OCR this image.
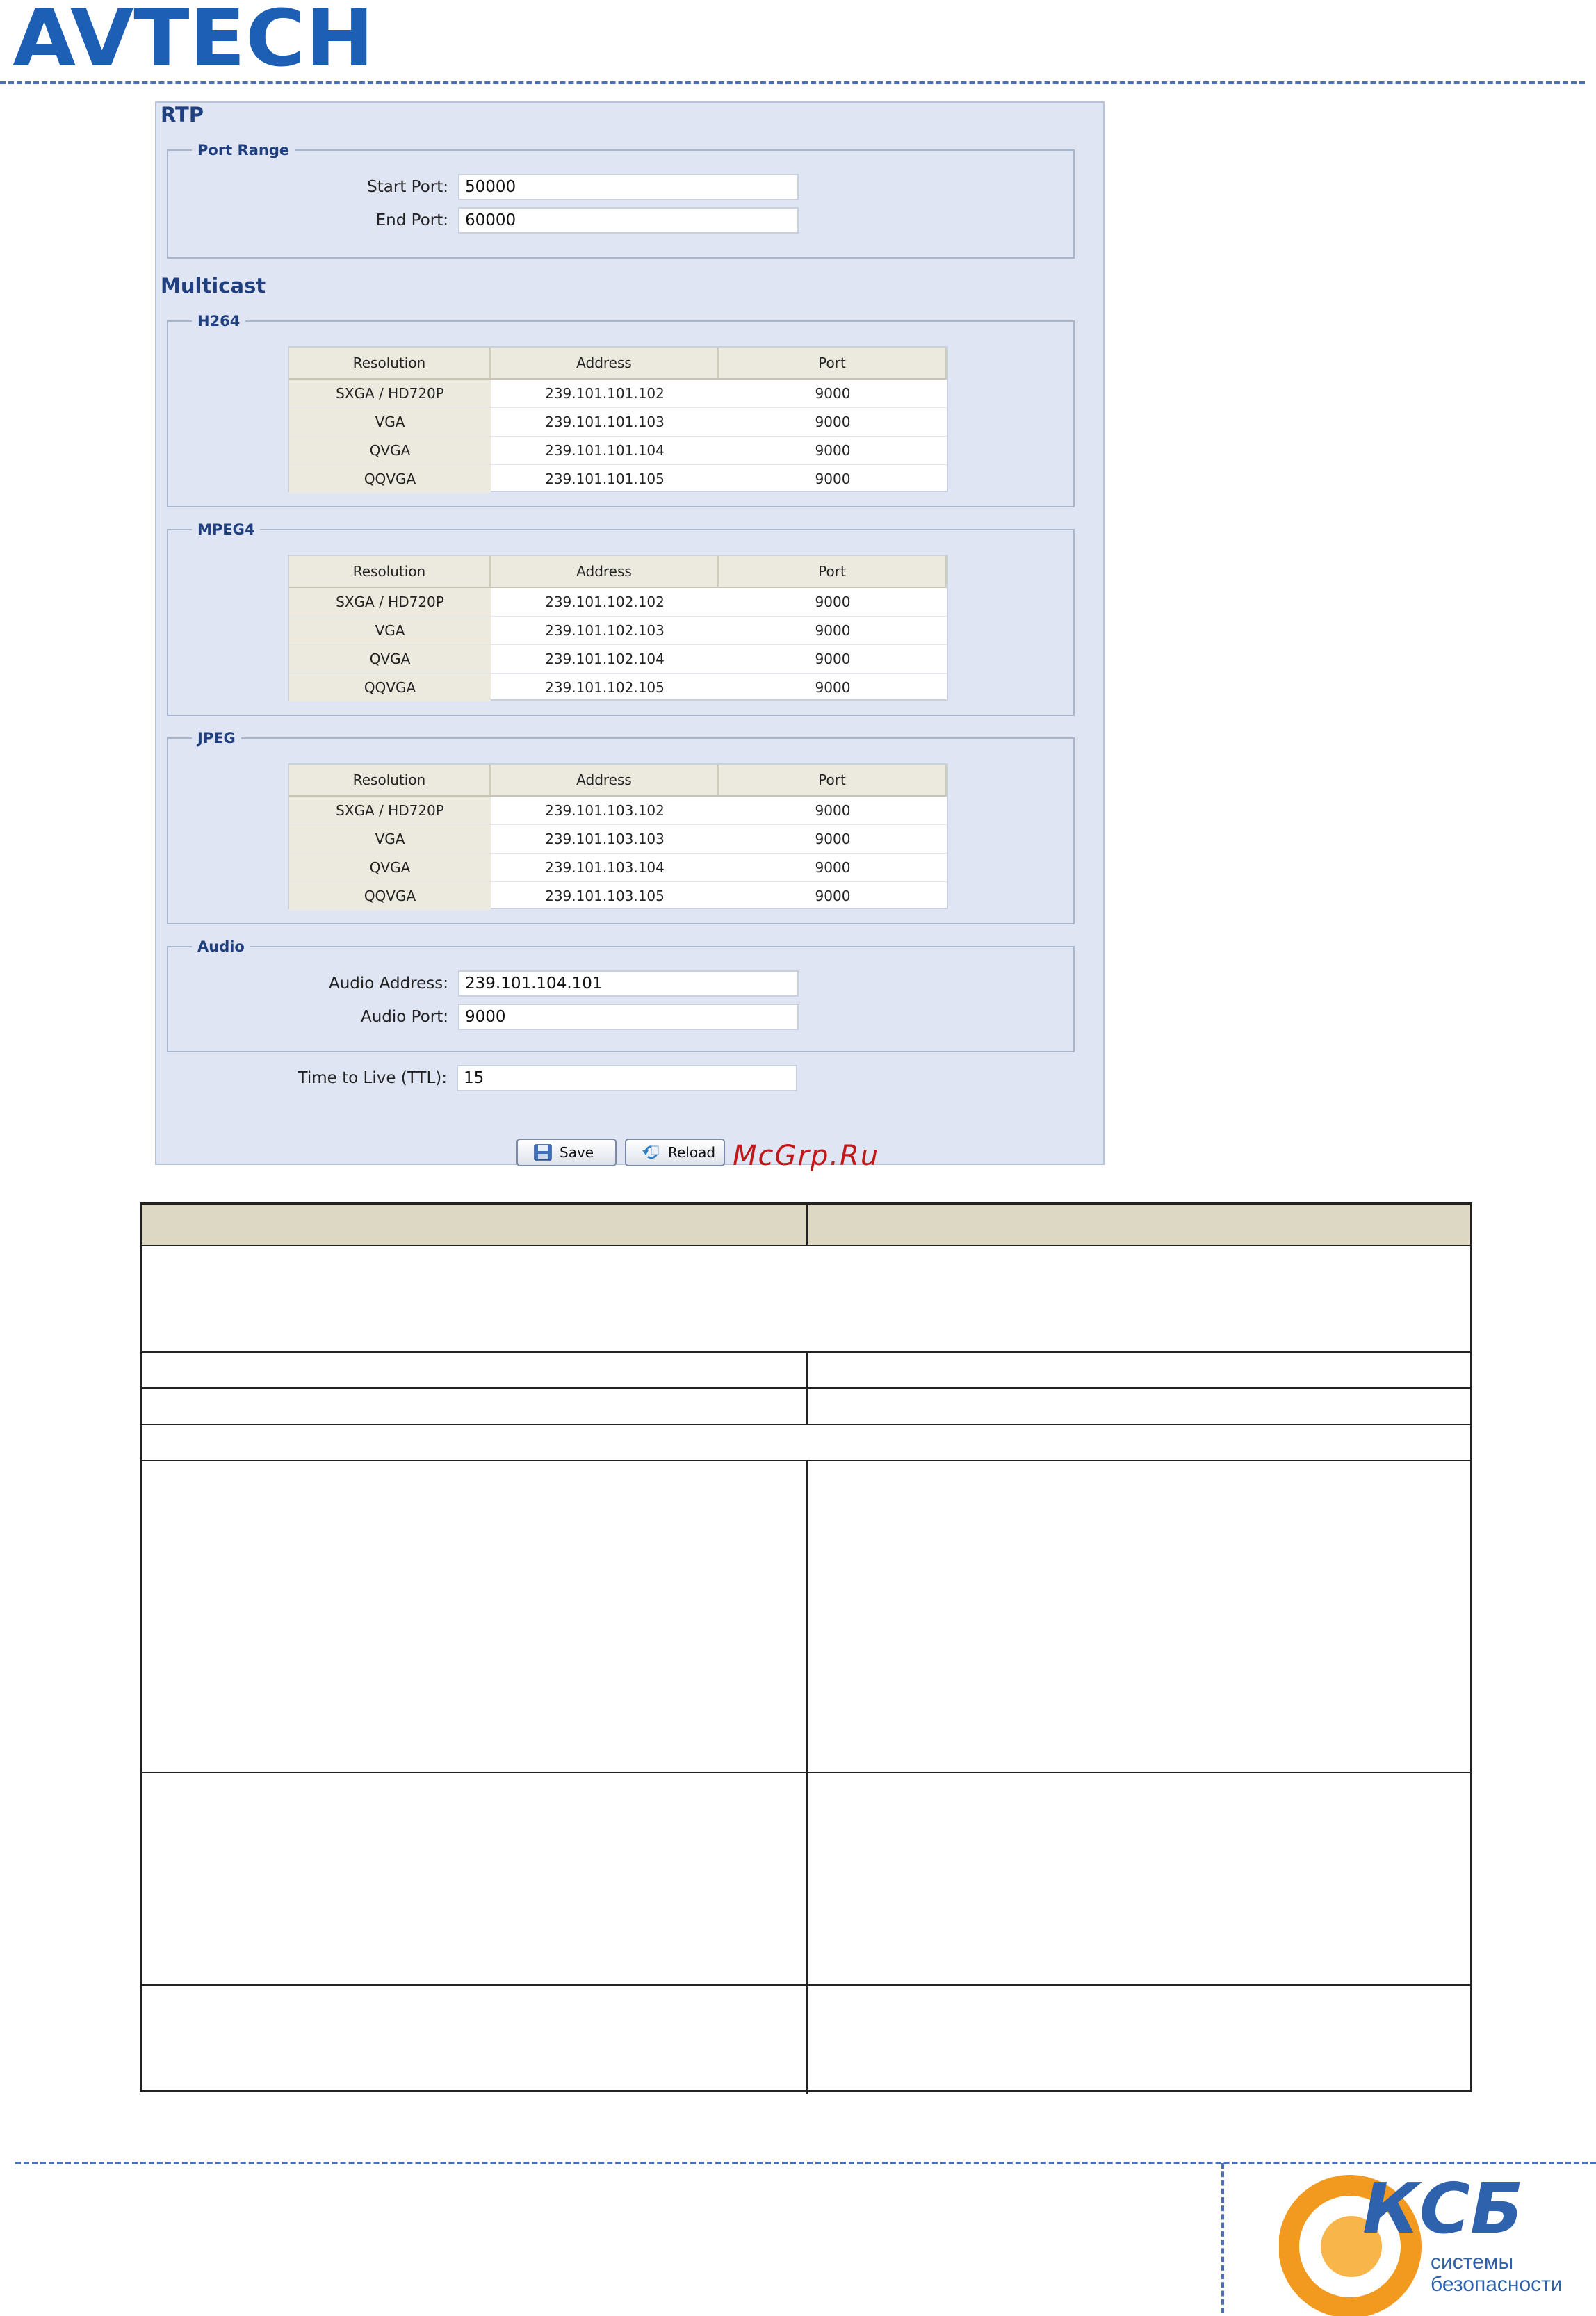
AVTECH
RTP
Port Range
Start Port:	50000
End Port:	60000
Multicast
H264
Resolution	Address	Port
SXGA / HD720P	239.101.101.102	9000
VGA	239.101.101.103	9000
QVGA	239.101.101.104	9000
QQVGA	239.101.101.105	9000
MPEG4
Resolution	Address	Port
SXGA / HD720P	239.101.102.102	9000
VGA	239.101.102.103	9000
QVGA	239.101.102.104	9000
QQVGA	239.101.102.105	9000
JPEG
Resolution	Address	Port
SXGA / HD720P	239.101.103.102	9000
VGA	239.101.103.103	9000
QVGA	239.101.103.104	9000
QQVGA	239.101.103.105	9000
Audio
Audio Address:	239.101.104.101
Audio Port:	9000
Time to Live (TTL):	15
Save	Reload McGrp.Ru
КСБ
системы
безопасности
